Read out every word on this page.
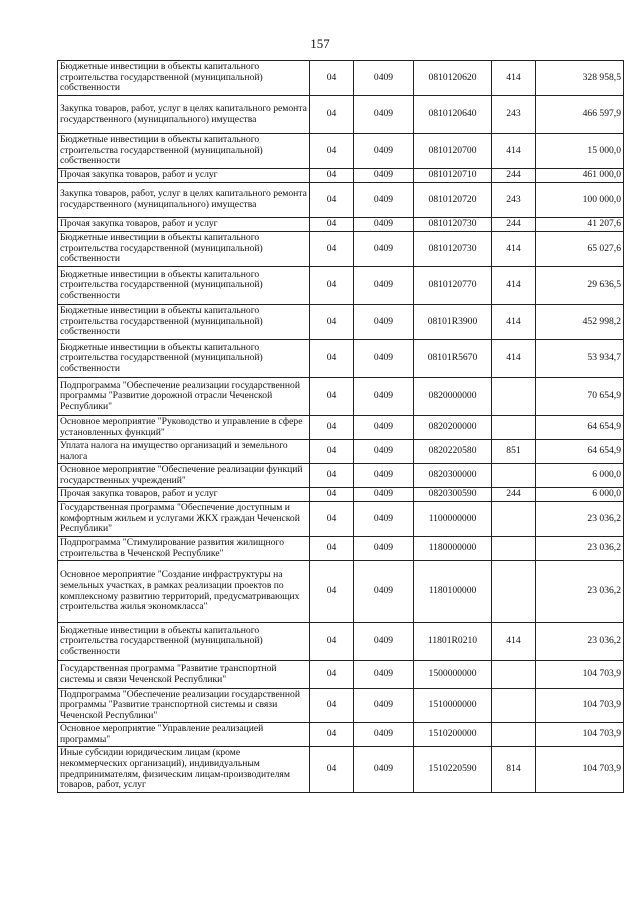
157
Бюджетные инвестиции в объекты капитального строительства государственной (муниципальной) собственности	04	0409	0810120620	414	328 958,5
Закупка товаров, работ, услуг в целях капитального ремонта государственного (муниципального) имущества	04	0409	0810120640	243	466 597,9
Бюджетные инвестиции в объекты капитального строительства государственной (муниципальной) собственности	04	0409	0810120700	414	15 000,0
Прочая закупка товаров, работ и услуг	04	0409	0810120710	244	461 000,0
Закупка товаров, работ, услуг в целях капитального ремонта государственного (муниципального) имущества	04	0409	0810120720	243	100 000,0
Прочая закупка товаров, работ и услуг	04	0409	0810120730	244	41 207,6
Бюджетные инвестиции в объекты капитального строительства государственной (муниципальной) собственности	04	0409	0810120730	414	65 027,6
Бюджетные инвестиции в объекты капитального строительства государственной (муниципальной) собственности	04	0409	0810120770	414	29 636,5
Бюджетные инвестиции в объекты капитального строительства государственной (муниципальной) собственности	04	0409	08101R3900	414	452 998,2
Бюджетные инвестиции в объекты капитального строительства государственной (муниципальной) собственности	04	0409	08101R5670	414	53 934,7
Подпрограмма "Обеспечение реализации государственной программы "Развитие дорожной отрасли Чеченской Республики"	04	0409	0820000000		70 654,9
Основное мероприятие "Руководство и управление в сфере установленных функций"	04	0409	0820200000		64 654,9
Уплата налога на имущество организаций и земельного налога	04	0409	0820220580	851	64 654,9
Основное мероприятие "Обеспечение реализации функций государственных учреждений"	04	0409	0820300000		6 000,0
Прочая закупка товаров, работ и услуг	04	0409	0820300590	244	6 000,0
Государственная программа "Обеспечение доступным и комфортным жильем и услугами ЖКХ граждан Чеченской Республики"	04	0409	1100000000		23 036,2
Подпрограмма "Стимулирование развития жилищного строительства в Чеченской Республике"	04	0409	1180000000		23 036,2
Основное мероприятие "Создание инфраструктуры на земельных участках, в рамках реализации проектов по комплексному развитию территорий, предусматривающих строительства жилья экономкласса"	04	0409	1180100000		23 036,2
Бюджетные инвестиции в объекты капитального строительства государственной (муниципальной) собственности	04	0409	11801R0210	414	23 036,2
Государственная программа "Развитие транспортной системы и связи Чеченской Республики"	04	0409	1500000000		104 703,9
Подпрограмма "Обеспечение реализации государственной программы "Развитие транспортной системы и связи Чеченской Республики"	04	0409	1510000000		104 703,9
Основное мероприятие "Управление реализацией программы"	04	0409	1510200000		104 703,9
Иные субсидии юридическим лицам (кроме некоммерческих организаций), индивидуальным предпринимателям, физическим лицам-производителям товаров, работ, услуг	04	0409	1510220590	814	104 703,9
